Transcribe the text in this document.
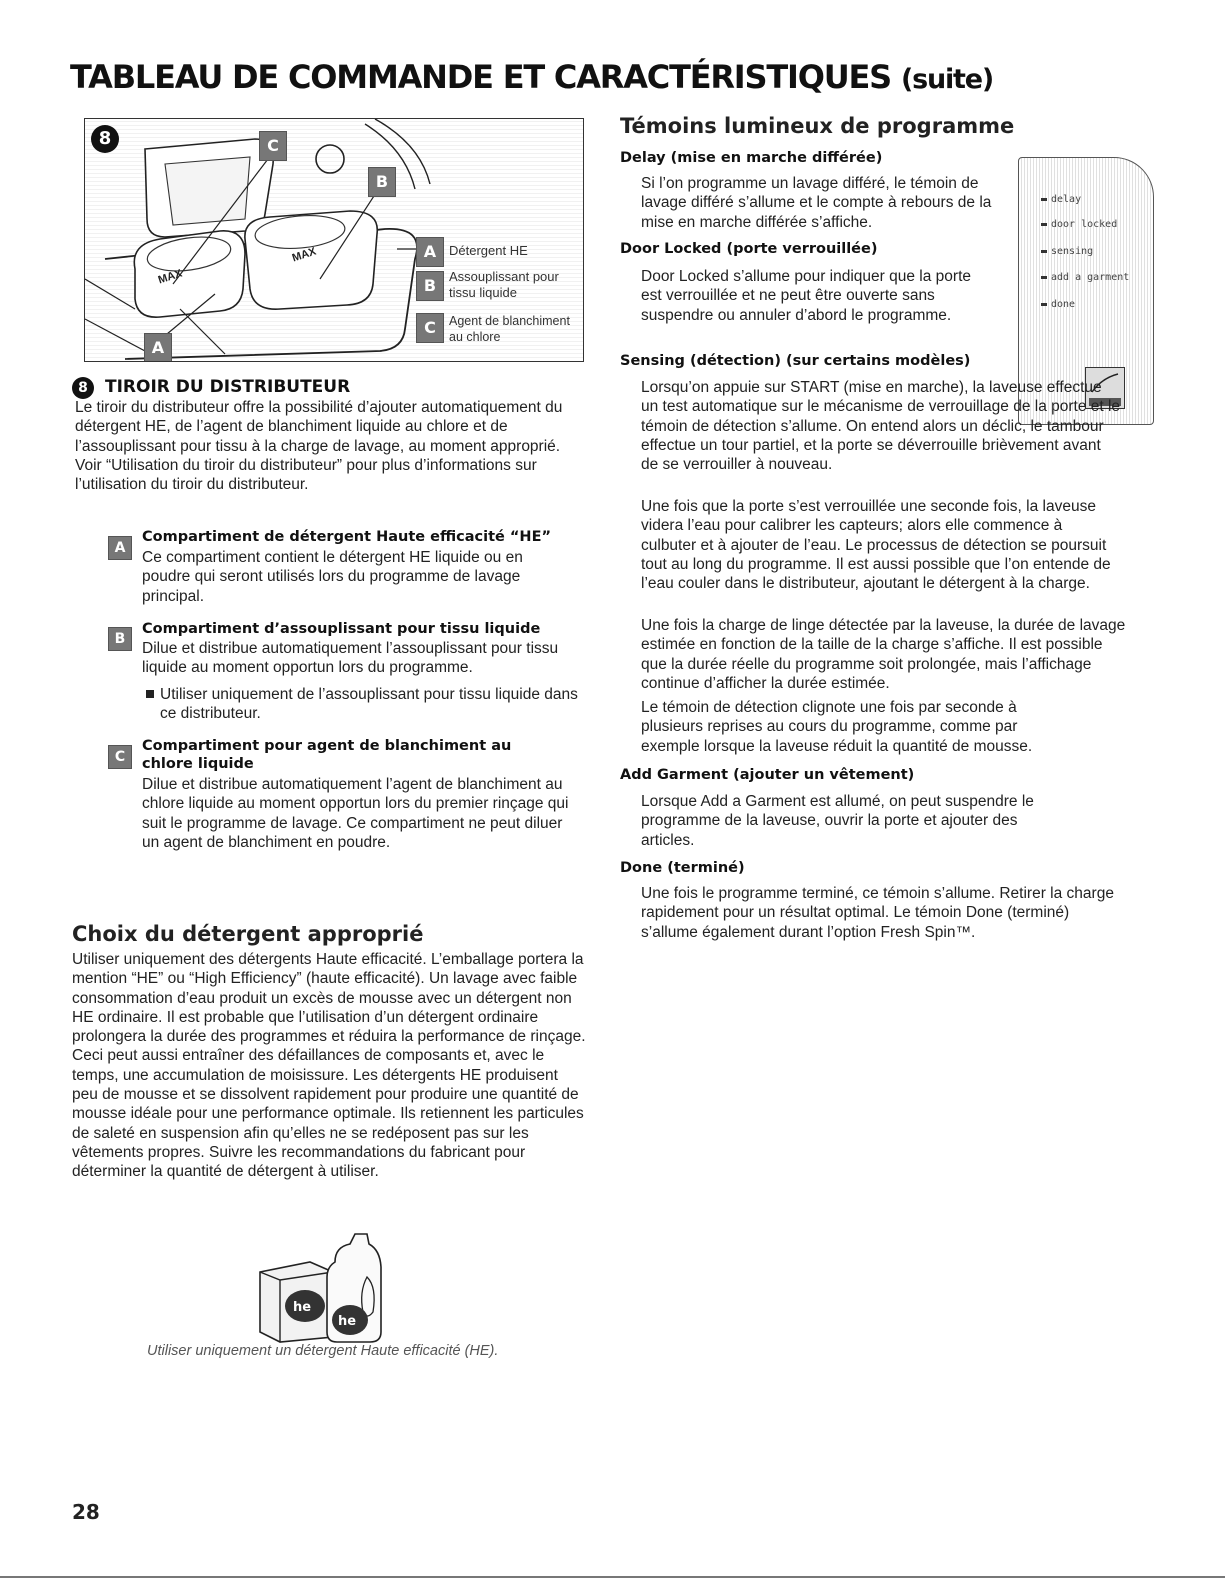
TABLEAU DE COMMANDE ET CARACTÉRISTIQUES (suite)
8	C
B
A
MAX
MAX	A Détergent HE
B Assouplissant pour tissu liquide
C	Agent de blanchiment au chlore
8	TIROIR DU DISTRIBUTEUR

Le tiroir du distributeur offre la possibilité d’ajouter automatiquement du détergent HE, de l’agent de blanchiment liquide au chlore et de l’assouplissant pour tissu à la charge de lavage, au moment approprié. Voir “Utilisation du tiroir du distributeur” pour plus d’informations sur l’utilisation du tiroir du distributeur.

A
Compartiment de détergent Haute efficacité “HE”

Ce compartiment contient le détergent HE liquide ou en poudre qui seront utilisés lors du programme de lavage principal.

B
Compartiment d’assouplissant pour tissu liquide

Dilue et distribue automatiquement l’assouplissant pour tissu liquide au moment opportun lors du programme.

Utiliser uniquement de l’assouplissant pour tissu liquide dans ce distributeur.

C
Compartiment pour agent de blanchiment au chlore liquide

Dilue et distribue automatiquement l’agent de blanchiment au chlore liquide au moment opportun lors du premier rinçage qui suit le programme de lavage. Ce compartiment ne peut diluer un agent de blanchiment en poudre.

Choix du détergent approprié

Utiliser uniquement des détergents Haute efficacité. L’emballage portera la mention “HE” ou “High Efficiency” (haute efficacité). Un lavage avec faible consommation d’eau produit un excès de mousse avec un détergent non HE ordinaire. Il est probable que l’utilisation d’un détergent ordinaire prolongera la durée des programmes et réduira la performance de rinçage. Ceci peut aussi entraîner des défaillances de composants et, avec le temps, une accumulation de moisissure. Les détergents HE produisent peu de mousse et se dissolvent rapidement pour produire une quantité de mousse idéale pour une performance optimale. Ils retiennent les particules de saleté en suspension afin qu’elles ne se redéposent pas sur les vêtements propres. Suivre les recommandations du fabricant pour déterminer la quantité de détergent à utiliser.

he
he
Utiliser uniquement un détergent Haute efficacité (HE).
Témoins lumineux de programme
delay
door locked
sensing
add a garment
done
Delay (mise en marche différée)

Si l’on programme un lavage différé, le témoin de lavage différé s’allume et le compte à rebours de la mise en marche différée s’affiche.

Door Locked (porte verrouillée)

Door Locked s’allume pour indiquer que la porte est verrouillée et ne peut être ouverte sans suspendre ou annuler d’abord le programme.

Sensing (détection) (sur certains modèles)

Lorsqu’on appuie sur START (mise en marche), la laveuse effectue un test automatique sur le mécanisme de verrouillage de la porte et le témoin de détection s’allume. On entend alors un déclic, le tambour effectue un tour partiel, et la porte se déverrouille brièvement avant de se verrouiller à nouveau.

Une fois que la porte s’est verrouillée une seconde fois, la laveuse videra l’eau pour calibrer les capteurs; alors elle commence à culbuter et à ajouter de l’eau. Le processus de détection se poursuit tout au long du programme. Il est aussi possible que l’on entende de l’eau couler dans le distributeur, ajoutant le détergent à la charge.

Une fois la charge de linge détectée par la laveuse, la durée de lavage estimée en fonction de la taille de la charge s’affiche. Il est possible que la durée réelle du programme soit prolongée, mais l’affichage continue d’afficher la durée estimée.

Le témoin de détection clignote une fois par seconde à plusieurs reprises au cours du programme, comme par exemple lorsque la laveuse réduit la quantité de mousse.

Add Garment (ajouter un vêtement)

Lorsque Add a Garment est allumé, on peut suspendre le programme de la laveuse, ouvrir la porte et ajouter des articles.

Done (terminé)

Une fois le programme terminé, ce témoin s’allume. Retirer la charge rapidement pour un résultat optimal. Le témoin Done (terminé) s’allume également durant l’option Fresh Spin™.

28
